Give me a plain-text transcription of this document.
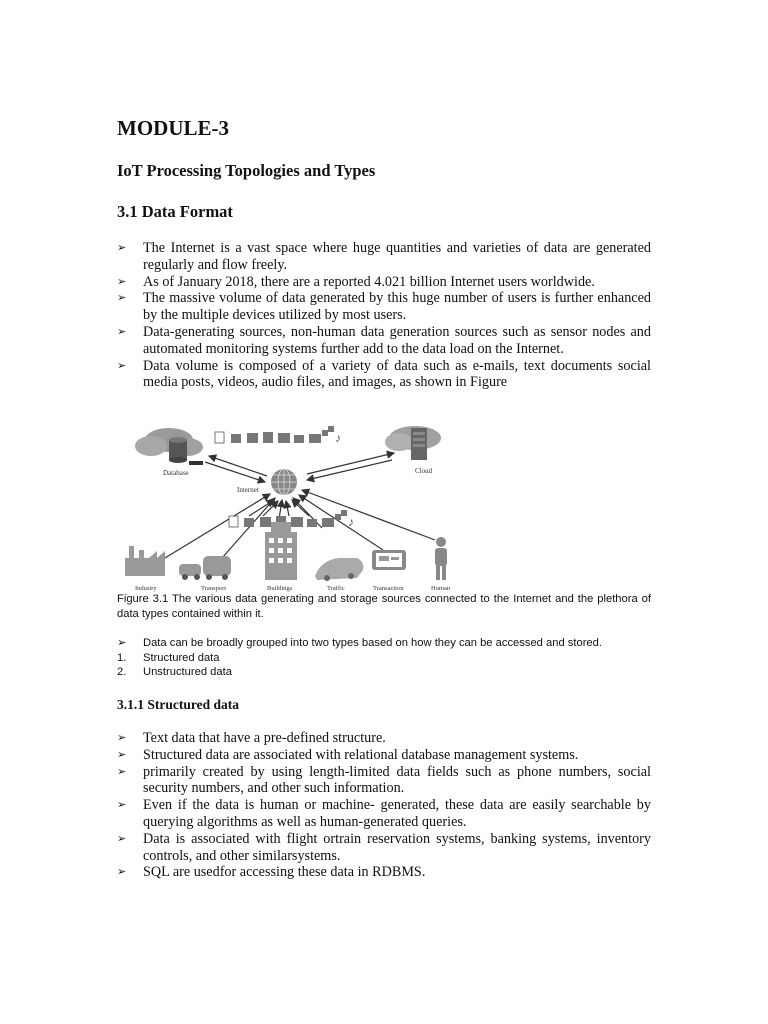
MODULE-3
IoT Processing Topologies and Types
3.1 Data Format
➢ The Internet is a vast space where huge quantities and varieties of data are generated regularly and flow freely.
➢ As of January 2018, there are a reported 4.021 billion Internet users worldwide.
➢ The massive volume of data generated by this huge number of users is further enhanced by the multiple devices utilized by most users.
➢ Data-generating sources, non-human data generation sources such as sensor nodes and automated monitoring systems further add to the data load on the Internet.
➢ Data volume is composed of a variety of data such as e-mails, text documents social media posts, videos, audio files, and images, as shown in Figure
Database	Cloud
♪
Internet
♪
Industry	Transport	Buildings	Traffic	Transaction	Human

Figure 3.1 The various data generating and storage sources connected to the Internet and the plethora of data types contained within it.

➢ Data can be broadly grouped into two types based on how they can be accessed and stored.
1. Structured data
2. Unstructured data
3.1.1 Structured data
➢ Text data that have a pre-defined structure.
➢ Structured data are associated with relational database management systems.
➢ primarily created by using length-limited data fields such as phone numbers, social security numbers, and other such information.
➢ Even if the data is human or machine- generated, these data are easily searchable by querying algorithms as well as human-generated queries.
➢ Data is associated with flight ortrain reservation systems, banking systems, inventory controls, and other similarsystems.
➢ SQL are usedfor accessing these data in RDBMS.
